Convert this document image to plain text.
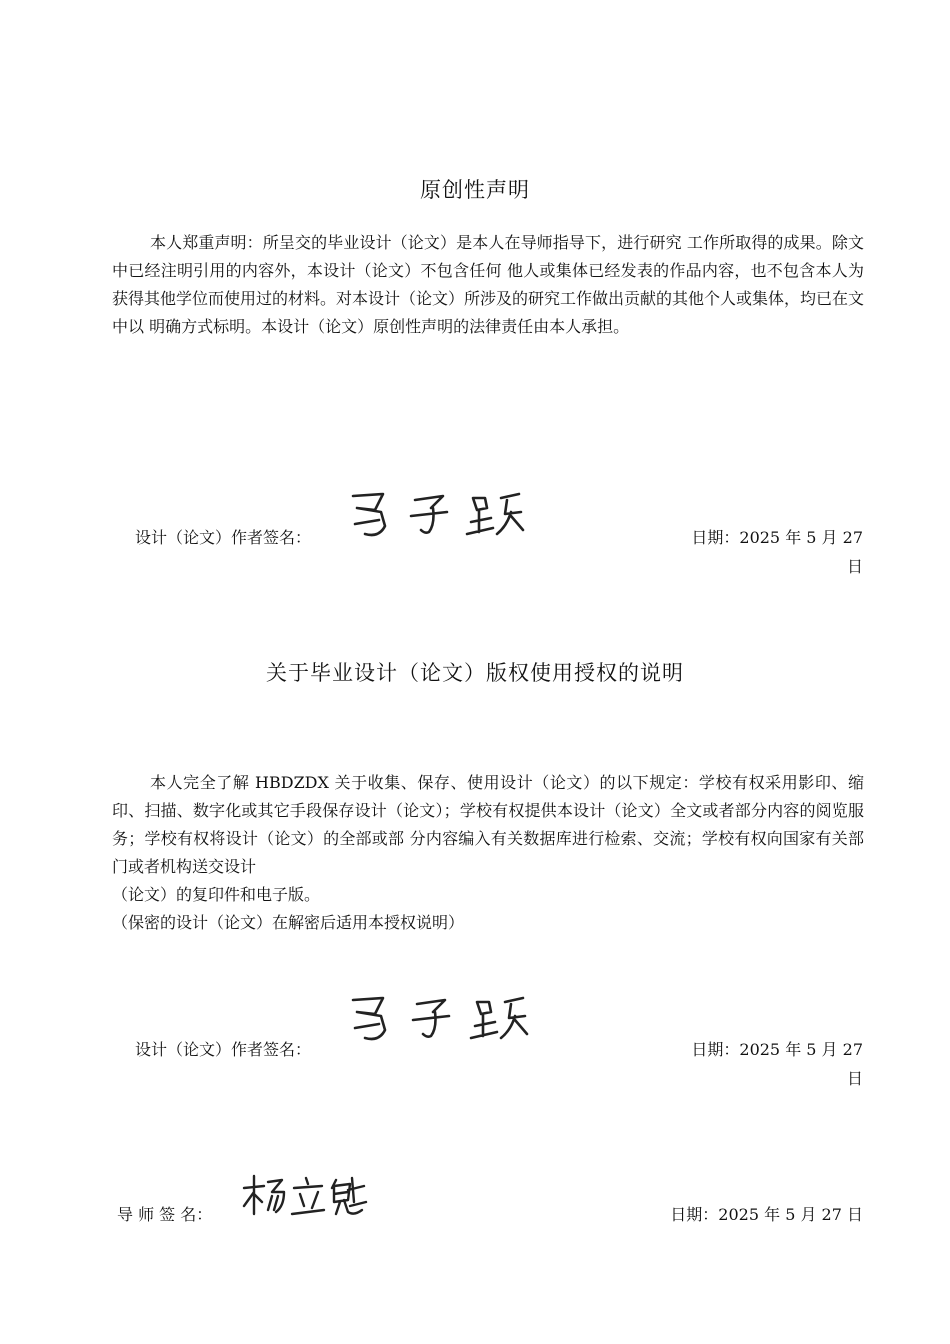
原创性声明

本人郑重声明：所呈交的毕业设计（论文）是本人在导师指导下，进行研究 工作所取得的成果。除文中已经注明引用的内容外，本设计（论文）不包含任何 他人或集体已经发表的作品内容，也不包含本人为获得其他学位而使用过的材料。对本设计（论文）所涉及的研究工作做出贡献的其他个人或集体，均已在文中以 明确方式标明。本设计（论文）原创性声明的法律责任由本人承担。

设计（论文）作者签名：	日期：2025 年 5 月 27
日
关于毕业设计（论文）版权使用授权的说明

本人完全了解 HBDZDX 关于收集、保存、使用设计（论文）的以下规定：学校有权采用影印、缩印、扫描、数字化或其它手段保存设计（论文）；学校有权提供本设计（论文）全文或者部分内容的阅览服务；学校有权将设计（论文）的全部或部 分内容编入有关数据库进行检索、交流；学校有权向国家有关部门或者机构送交设计

（论文）的复印件和电子版。

（保密的设计（论文）在解密后适用本授权说明）

设计（论文）作者签名：	日期：2025 年 5 月 27
日
导 师 签 名：	日期：2025 年 5 月 27 日
